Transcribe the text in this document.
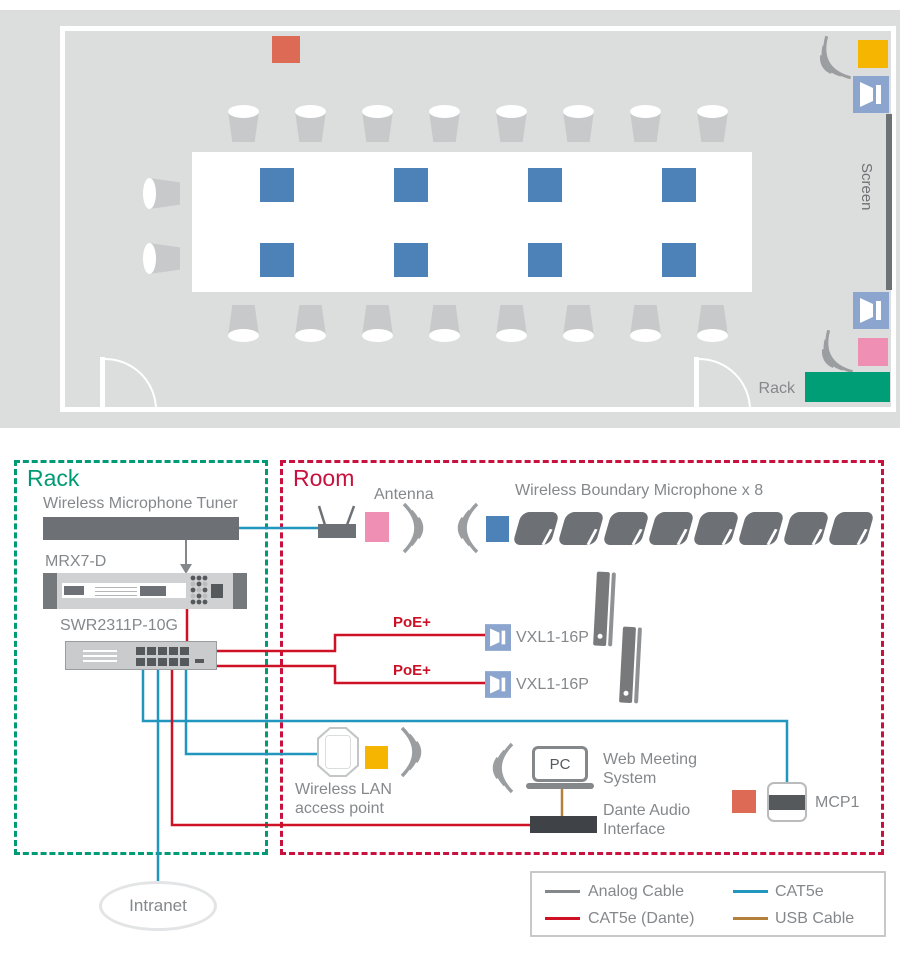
Screen
Rack
Rack	Room
Wireless Microphone Tuner
MRX7-D
SWR2311P-10G
Antenna	Wireless Boundary Microphone x 8
PoE+
PoE+
VXL1-16P
VXL1-16P
Wireless LAN
access point
PC Web Meeting
System
Dante Audio
Interface
MCP1
Analog Cable
CAT5e (Dante)
CAT5e
USB Cable
Intranet
